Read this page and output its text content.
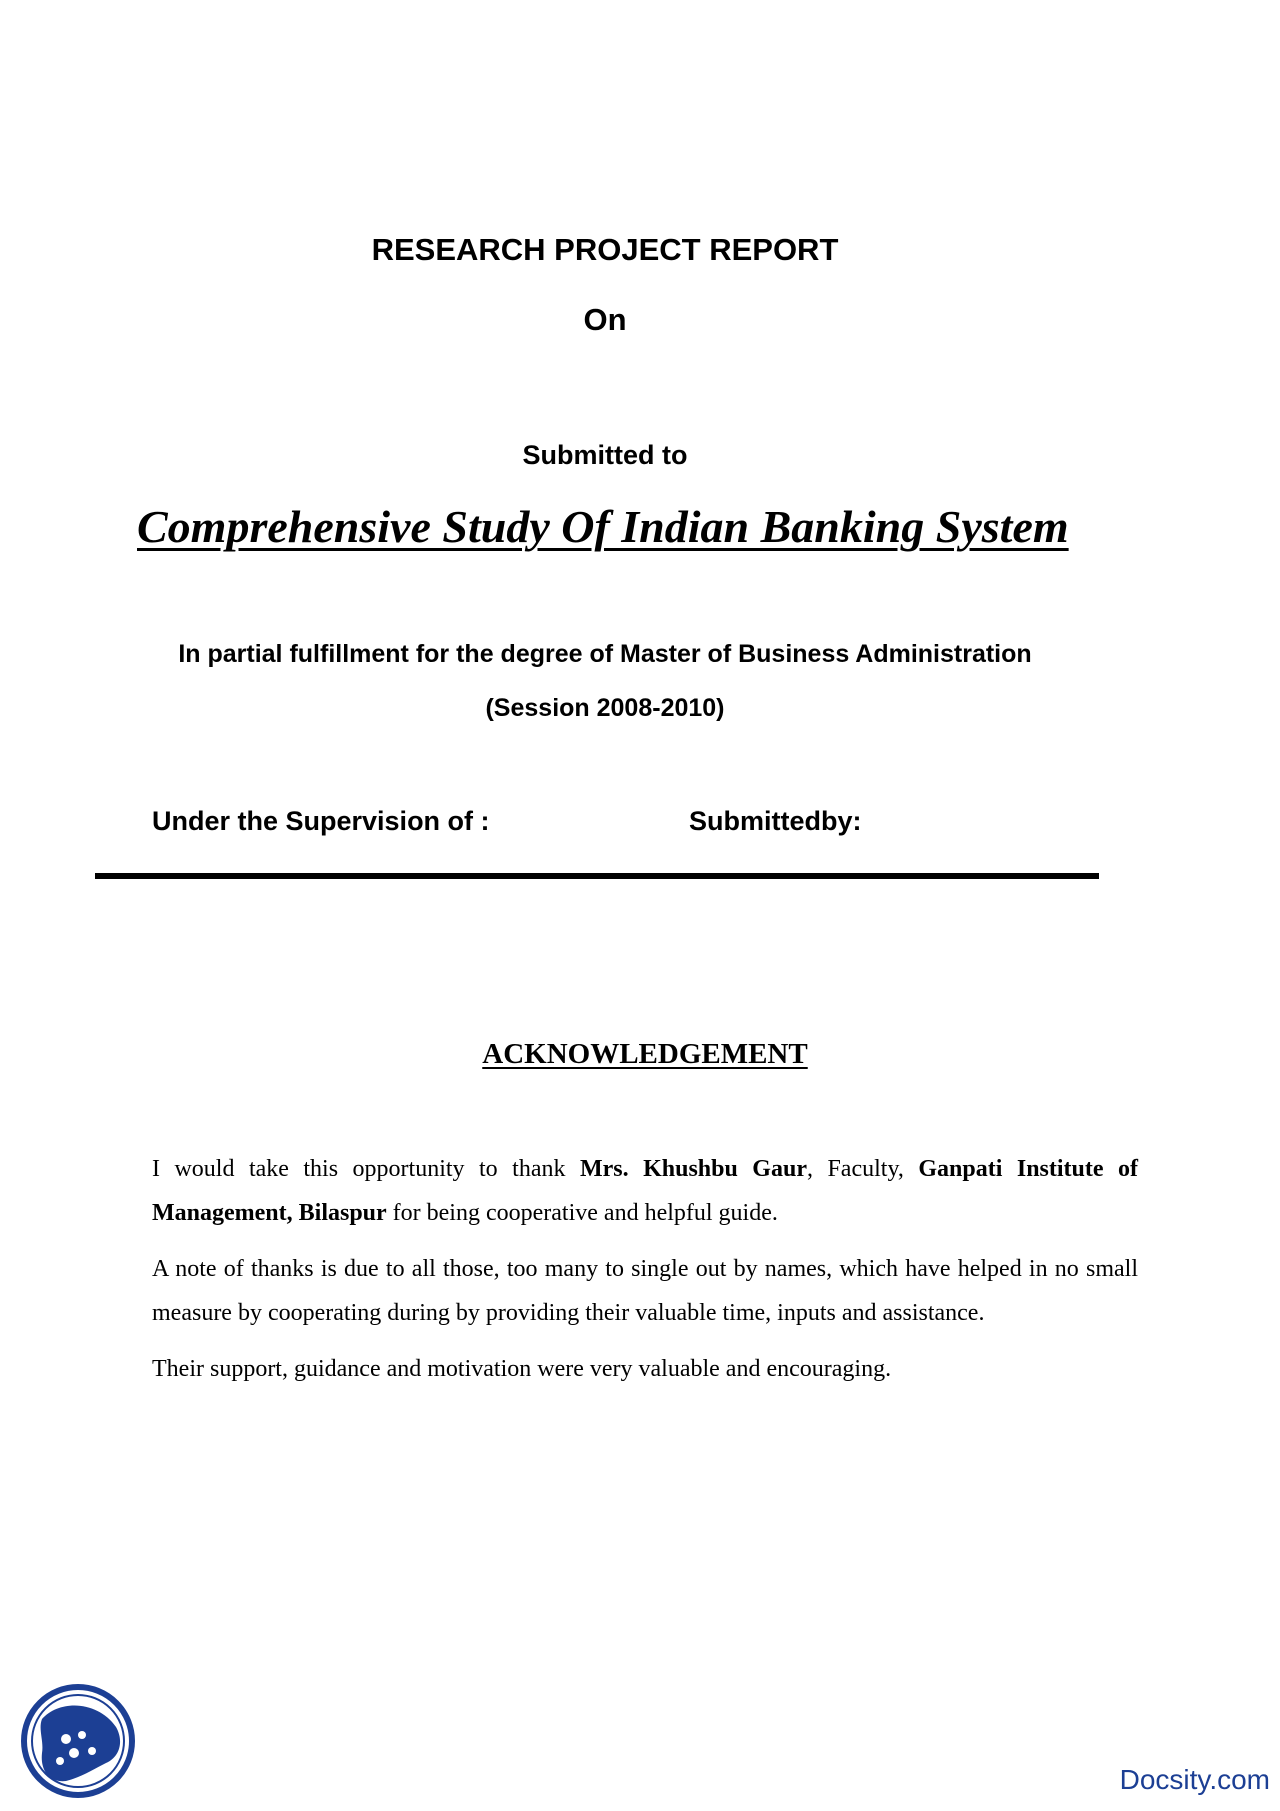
RESEARCH PROJECT REPORT
On
Submitted to
Comprehensive Study Of Indian Banking System
In partial fulfillment for the degree of Master of Business Administration
(Session 2008-2010)
Under the Supervision of :	Submittedby:
ACKNOWLEDGEMENT

I would take this opportunity to thank Mrs. Khushbu Gaur, Faculty, Ganpati Institute of Management, Bilaspur for being cooperative and helpful guide.

A note of thanks is due to all those, too many to single out by names, which have helped in no small measure by cooperating during by providing their valuable time, inputs and assistance.

Their support, guidance and motivation were very valuable and encouraging.

Docsity.com
